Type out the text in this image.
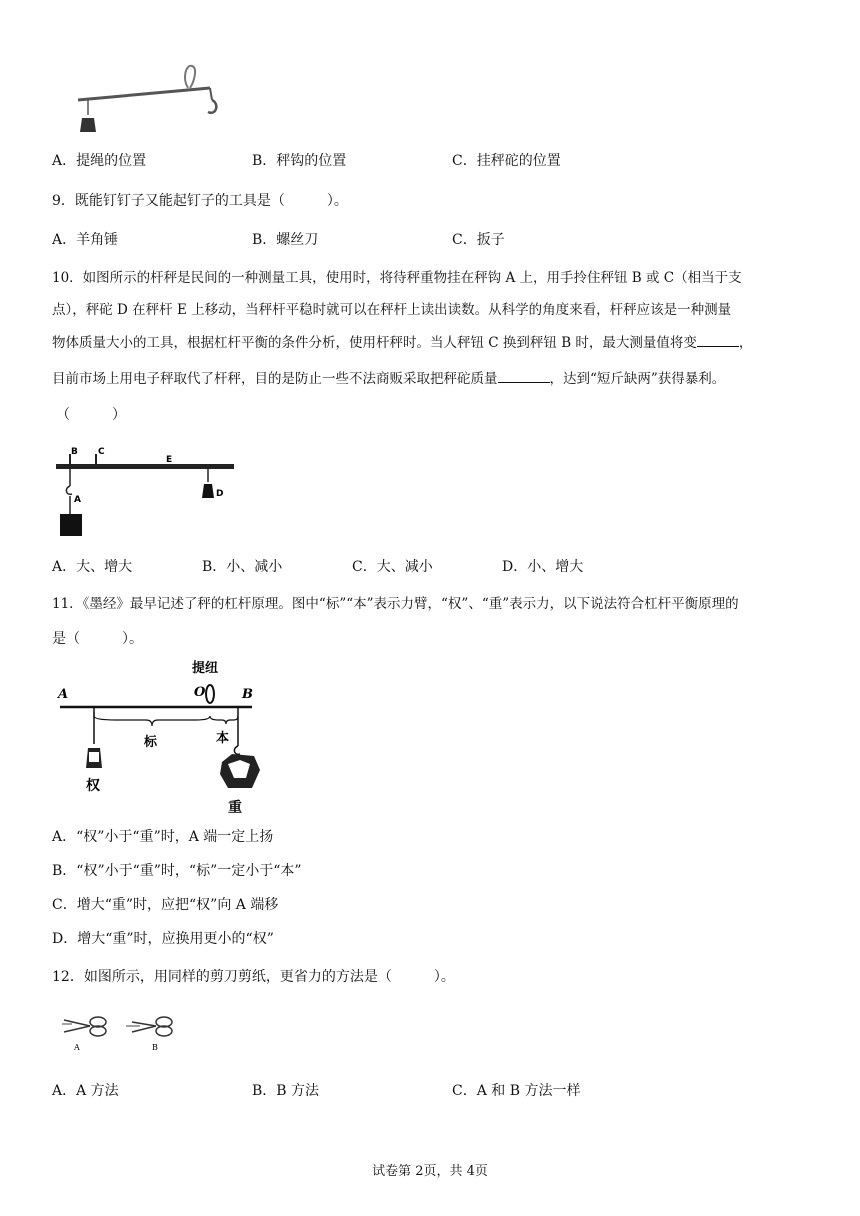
A．提绳的位置	B．秤钩的位置	C．挂秤砣的位置
9．既能钉钉子又能起钉子的工具是（　　　）。
A．羊角锤	B．螺丝刀	C．扳子
10．如图所示的杆秤是民间的一种测量工具，使用时，将待秤重物挂在秤钩 A 上，用手拎住秤钮 B 或 C（相当于支
点），秤砣 D 在秤杆 E 上移动，当秤杆平稳时就可以在秤杆上读出读数。从科学的角度来看，杆秤应该是一种测量
物体质量大小的工具，根据杠杆平衡的条件分析，使用杆秤时。当人秤钮 C 换到秤钮 B 时，最大测量值将变	，
目前市场上用电子秤取代了杆秤，目的是防止一些不法商贩采取把秤砣质量	，达到“短斤缺两”获得暴利。
（　　　）
B C
E
A
D
A．大、增大	B．小、减小	C．大、减小	D．小、增大
11．《墨经》最早记述了秤的杠杆原理。图中“标”“本”表示力臂，“权”、“重”表示力，以下说法符合杠杆平衡原理的
是（　　　）。
A
提纽
O	B
标	本
权
重
A．“权”小于“重”时，A 端一定上扬
B．“权”小于“重”时，“标”一定小于“本”
C．增大“重”时，应把“权”向 A 端移
D．增大“重”时，应换用更小的“权”
12．如图所示，用同样的剪刀剪纸，更省力的方法是（　　　）。
A	B
A．A 方法	B．B 方法	C．A 和 B 方法一样
试卷第 2页，共 4页
